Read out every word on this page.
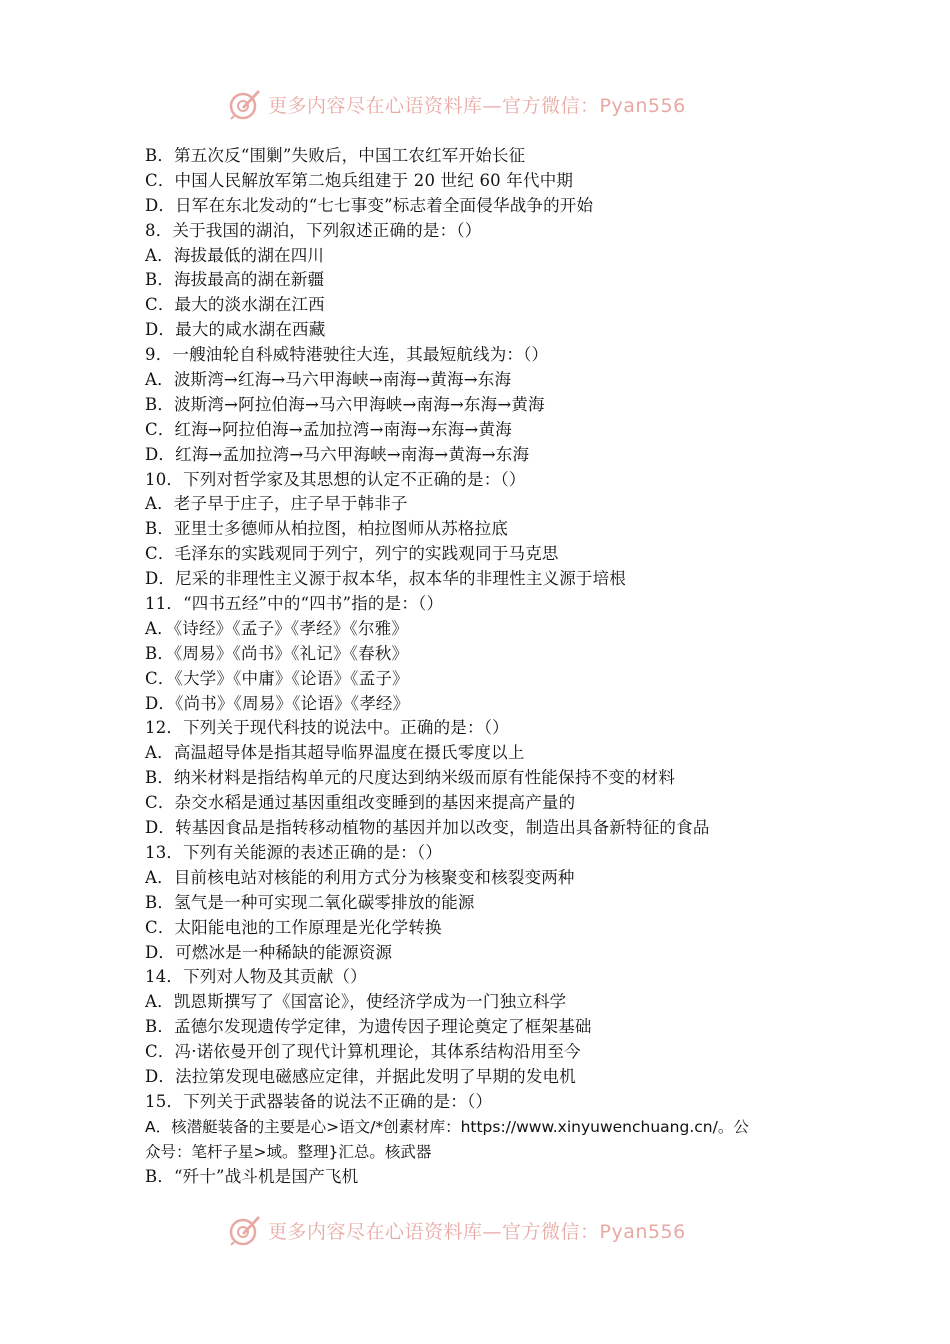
更多内容尽在心语资料库—官方微信：Pyan556
B．第五次反“围剿”失败后，中国工农红军开始长征
C．中国人民解放军第二炮兵组建于 20 世纪 60 年代中期
D．日军在东北发动的“七七事变”标志着全面侵华战争的开始
8．关于我国的湖泊，下列叙述正确的是：（）
A．海拔最低的湖在四川
B．海拔最高的湖在新疆
C．最大的淡水湖在江西
D．最大的咸水湖在西藏
9．一艘油轮自科威特港驶往大连，其最短航线为：（）
A．波斯湾→红海→马六甲海峡→南海→黄海→东海
B．波斯湾→阿拉伯海→马六甲海峡→南海→东海→黄海
C．红海→阿拉伯海→孟加拉湾→南海→东海→黄海
D．红海→孟加拉湾→马六甲海峡→南海→黄海→东海
10．下列对哲学家及其思想的认定不正确的是：（）
A．老子早于庄子，庄子早于韩非子
B．亚里士多德师从柏拉图，柏拉图师从苏格拉底
C．毛泽东的实践观同于列宁，列宁的实践观同于马克思
D．尼采的非理性主义源于叔本华，叔本华的非理性主义源于培根
11．“四书五经”中的“四书”指的是：（）
A．《诗经》《孟子》《孝经》《尔雅》
B．《周易》《尚书》《礼记》《春秋》
C．《大学》《中庸》《论语》《孟子》
D．《尚书》《周易》《论语》《孝经》
12．下列关于现代科技的说法中。正确的是：（）
A．高温超导体是指其超导临界温度在摄氏零度以上
B．纳米材料是指结构单元的尺度达到纳米级而原有性能保持不变的材料
C．杂交水稻是通过基因重组改变睡到的基因来提高产量的
D．转基因食品是指转移动植物的基因并加以改变，制造出具备新特征的食品
13．下列有关能源的表述正确的是：（）
A．目前核电站对核能的利用方式分为核聚变和核裂变两种
B．氢气是一种可实现二氧化碳零排放的能源
C．太阳能电池的工作原理是光化学转换
D．可燃冰是一种稀缺的能源资源
14．下列对人物及其贡献（）
A．凯恩斯撰写了《国富论》，使经济学成为一门独立科学
B．孟德尔发现遗传学定律，为遗传因子理论奠定了框架基础
C．冯·诺依曼开创了现代计算机理论，其体系结构沿用至今
D．法拉第发现电磁感应定律，并据此发明了早期的发电机
15．下列关于武器装备的说法不正确的是：（）
A．核潜艇装备的主要是心>语文/*创素材库：https://www.xinyuwenchuang.cn/。公
众号：笔杆子星>域。整理}汇总。核武器
B．“歼十”战斗机是国产飞机
更多内容尽在心语资料库—官方微信：Pyan556
